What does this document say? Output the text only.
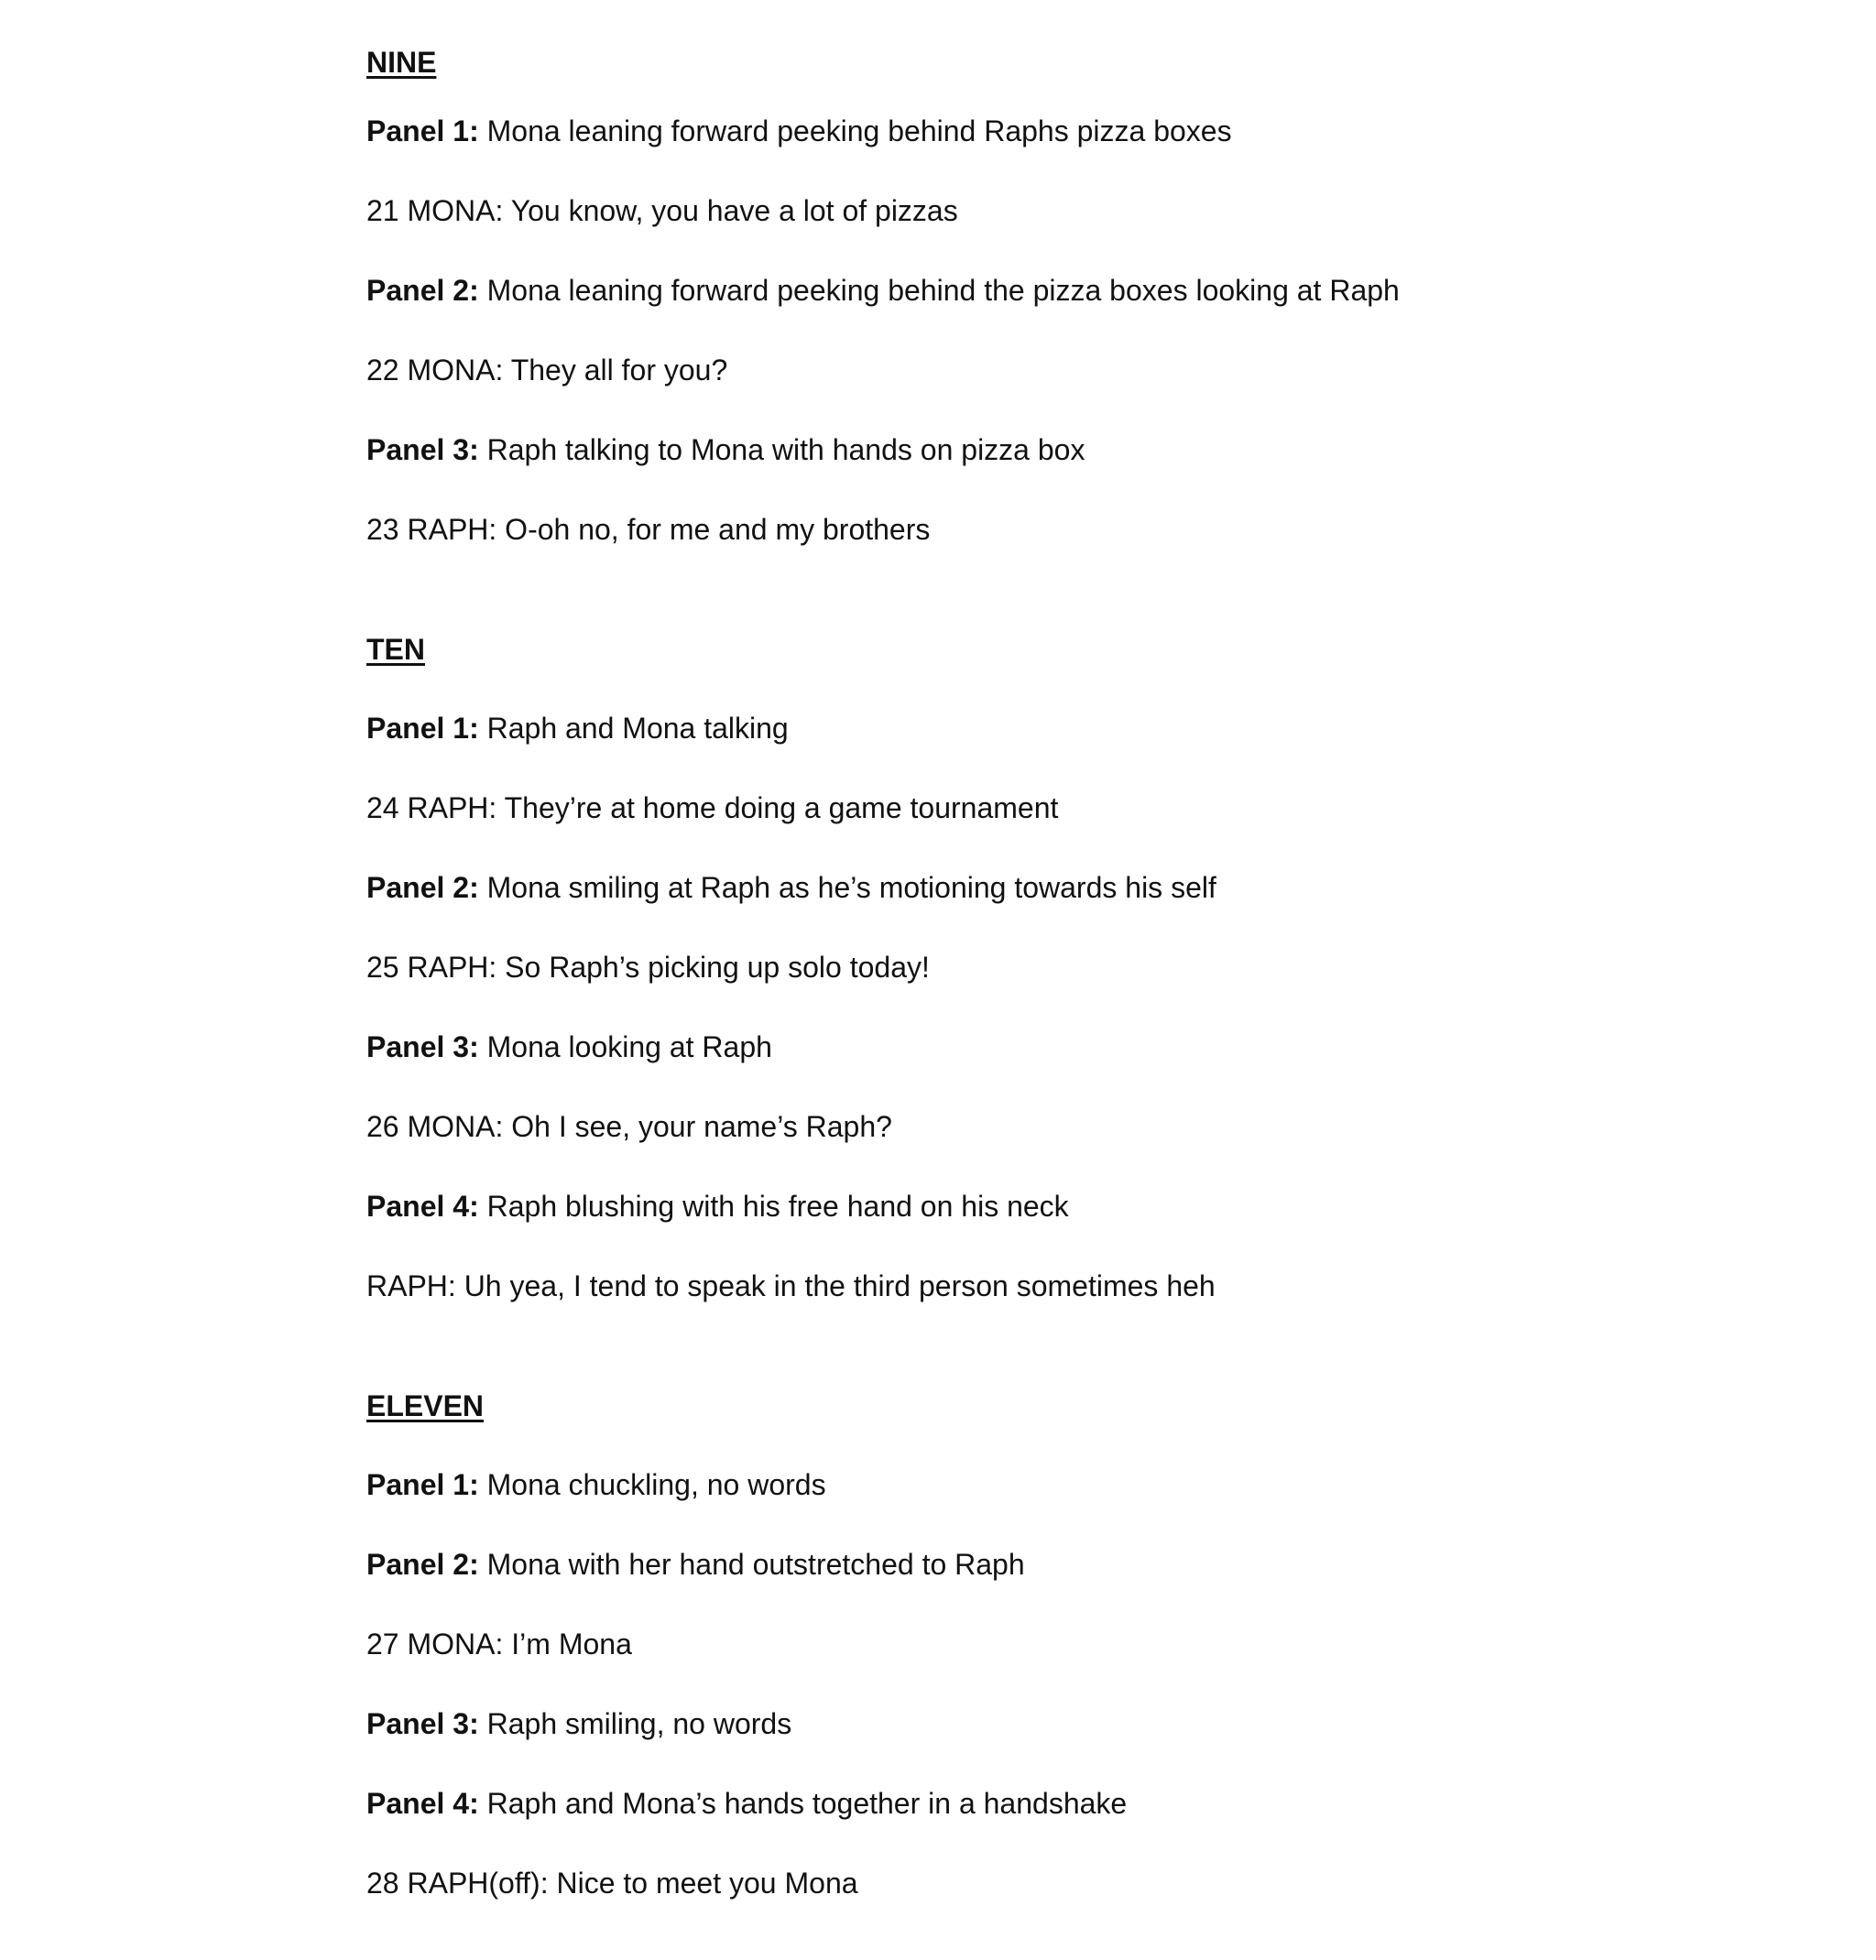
NINE
Panel 1: Mona leaning forward peeking behind Raphs pizza boxes
21 MONA: You know, you have a lot of pizzas
Panel 2: Mona leaning forward peeking behind the pizza boxes looking at Raph
22 MONA: They all for you?
Panel 3: Raph talking to Mona with hands on pizza box
23 RAPH: O-oh no, for me and my brothers
TEN
Panel 1: Raph and Mona talking
24 RAPH: They’re at home doing a game tournament
Panel 2: Mona smiling at Raph as he’s motioning towards his self
25 RAPH: So Raph’s picking up solo today!
Panel 3: Mona looking at Raph
26 MONA: Oh I see, your name’s Raph?
Panel 4: Raph blushing with his free hand on his neck
RAPH: Uh yea, I tend to speak in the third person sometimes heh
ELEVEN
Panel 1: Mona chuckling, no words
Panel 2: Mona with her hand outstretched to Raph
27 MONA: I’m Mona
Panel 3: Raph smiling, no words
Panel 4: Raph and Mona’s hands together in a handshake
28 RAPH(off): Nice to meet you Mona
